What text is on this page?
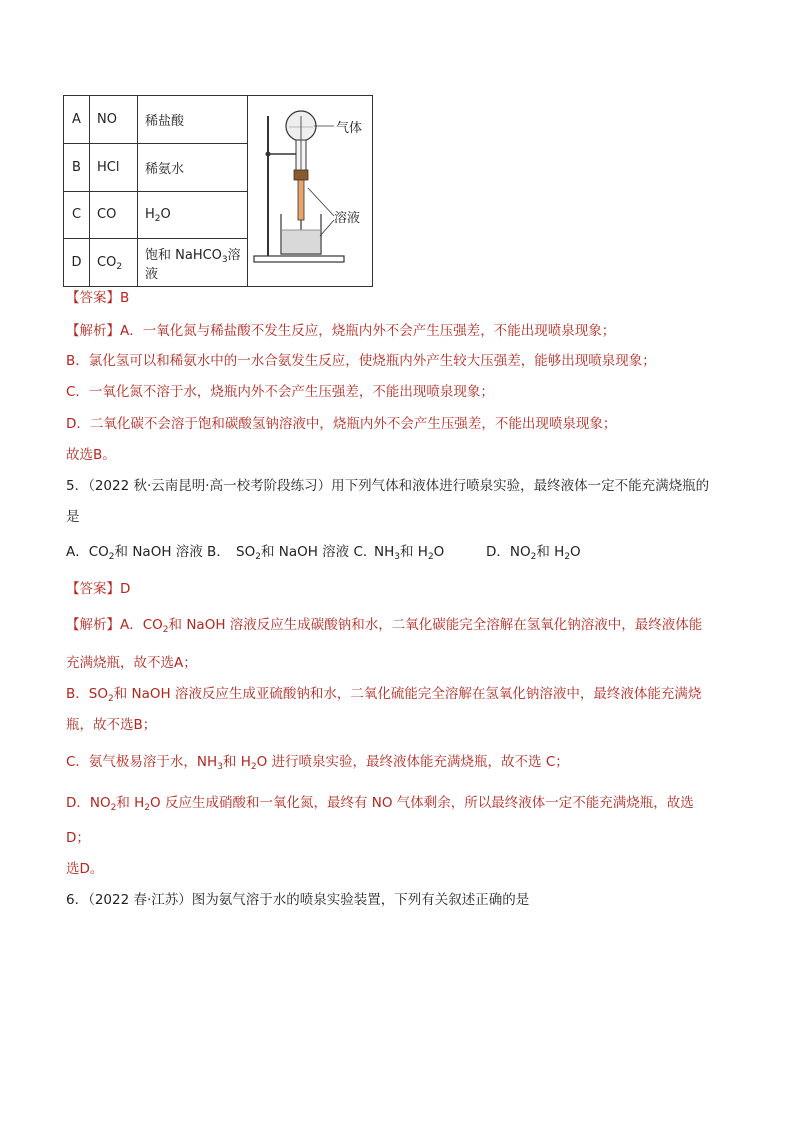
A	NO	稀盐酸	气体
溶液

B	HCl	稀氨水	
C	CO	$H_2O$	
D	$CO_2$	饱和 NaHCO$_3$溶液	
【答案】B
【解析】A．一氧化氮与稀盐酸不发生反应，烧瓶内外不会产生压强差，不能出现喷泉现象；
B．氯化氢可以和稀氨水中的一水合氨发生反应，使烧瓶内外产生较大压强差，能够出现喷泉现象；
C．一氧化氮不溶于水，烧瓶内外不会产生压强差，不能出现喷泉现象；
D．二氧化碳不会溶于饱和碳酸氢钠溶液中，烧瓶内外不会产生压强差，不能出现喷泉现象；
故选B。
5．（2022 秋·云南昆明·高一校考阶段练习）用下列气体和液体进行喷泉实验，最终液体一定不能充满烧瓶的
是
A．$CO_2$和 NaOH 溶液 B． $SO_2$和 NaOH 溶液 C．
$NH_3$和 $H_2O$	D．$NO_2$和 $H_2O$
【答案】D
【解析】A．$CO_2$和 NaOH 溶液反应生成碳酸钠和水，二氧化碳能完全溶解在氢氧化钠溶液中，最终液体能
充满烧瓶，故不选A；
B．$SO_2$和 NaOH 溶液反应生成亚硫酸钠和水，二氧化硫能完全溶解在氢氧化钠溶液中，最终液体能充满烧
瓶，故不选B；
C．氨气极易溶于水，$NH_3$和 $H_2O$ 进行喷泉实验，最终液体能充满烧瓶，故不选 C；
D．$NO_2$和 $H_2O$ 反应生成硝酸和一氧化氮，最终有 NO 气体剩余，所以最终液体一定不能充满烧瓶，故选
D；
选D。
6．（2022 春·江苏）图为氨气溶于水的喷泉实验装置，下列有关叙述正确的是
